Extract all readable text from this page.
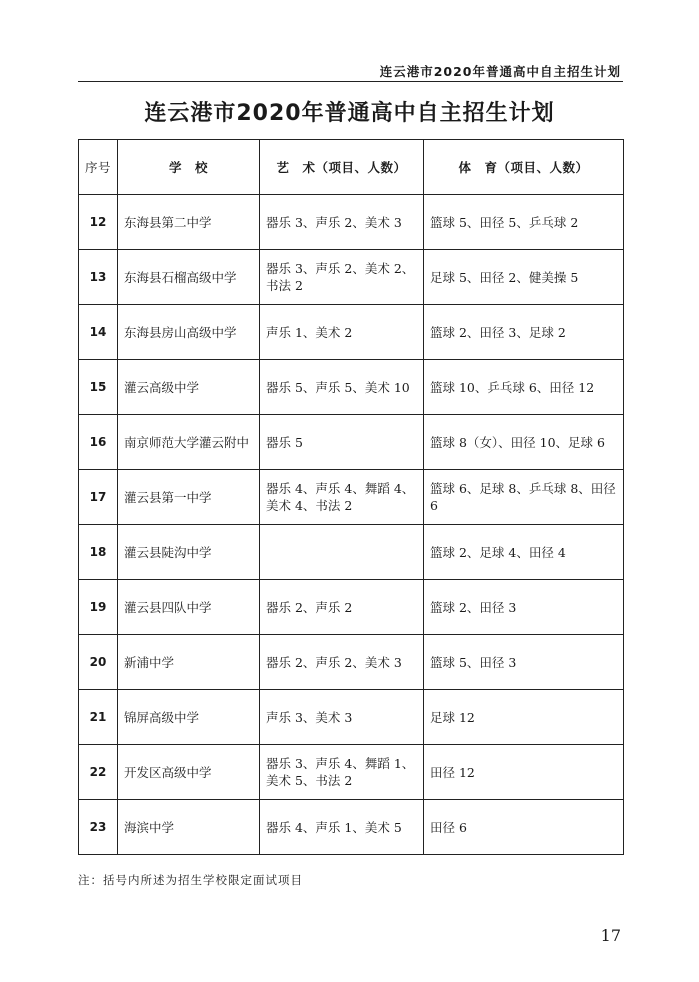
连云港市2020年普通高中自主招生计划
连云港市2020年普通高中自主招生计划
序号	学　校	艺　术（项目、人数）	体　育（项目、人数）
12	东海县第二中学	器乐 3、声乐 2、美术 3	篮球 5、田径 5、乒乓球 2
13	东海县石榴高级中学	器乐 3、声乐 2、美术 2、书法 2	足球 5、田径 2、健美操 5
14	东海县房山高级中学	声乐 1、美术 2	篮球 2、田径 3、足球 2
15	灌云高级中学	器乐 5、声乐 5、美术 10	篮球 10、乒乓球 6、田径 12
16	南京师范大学灌云附中	器乐 5	篮球 8（女）、田径 10、足球 6
17	灌云县第一中学	器乐 4、声乐 4、舞蹈 4、美术 4、书法 2	篮球 6、足球 8、乒乓球 8、田径 6
18	灌云县陡沟中学		篮球 2、足球 4、田径 4
19	灌云县四队中学	器乐 2、声乐 2	篮球 2、田径 3
20	新浦中学	器乐 2、声乐 2、美术 3	篮球 5、田径 3
21	锦屏高级中学	声乐 3、美术 3	足球 12
22	开发区高级中学	器乐 3、声乐 4、舞蹈 1、美术 5、书法 2	田径 12
23	海滨中学	器乐 4、声乐 1、美术 5	田径 6
注：括号内所述为招生学校限定面试项目
17
